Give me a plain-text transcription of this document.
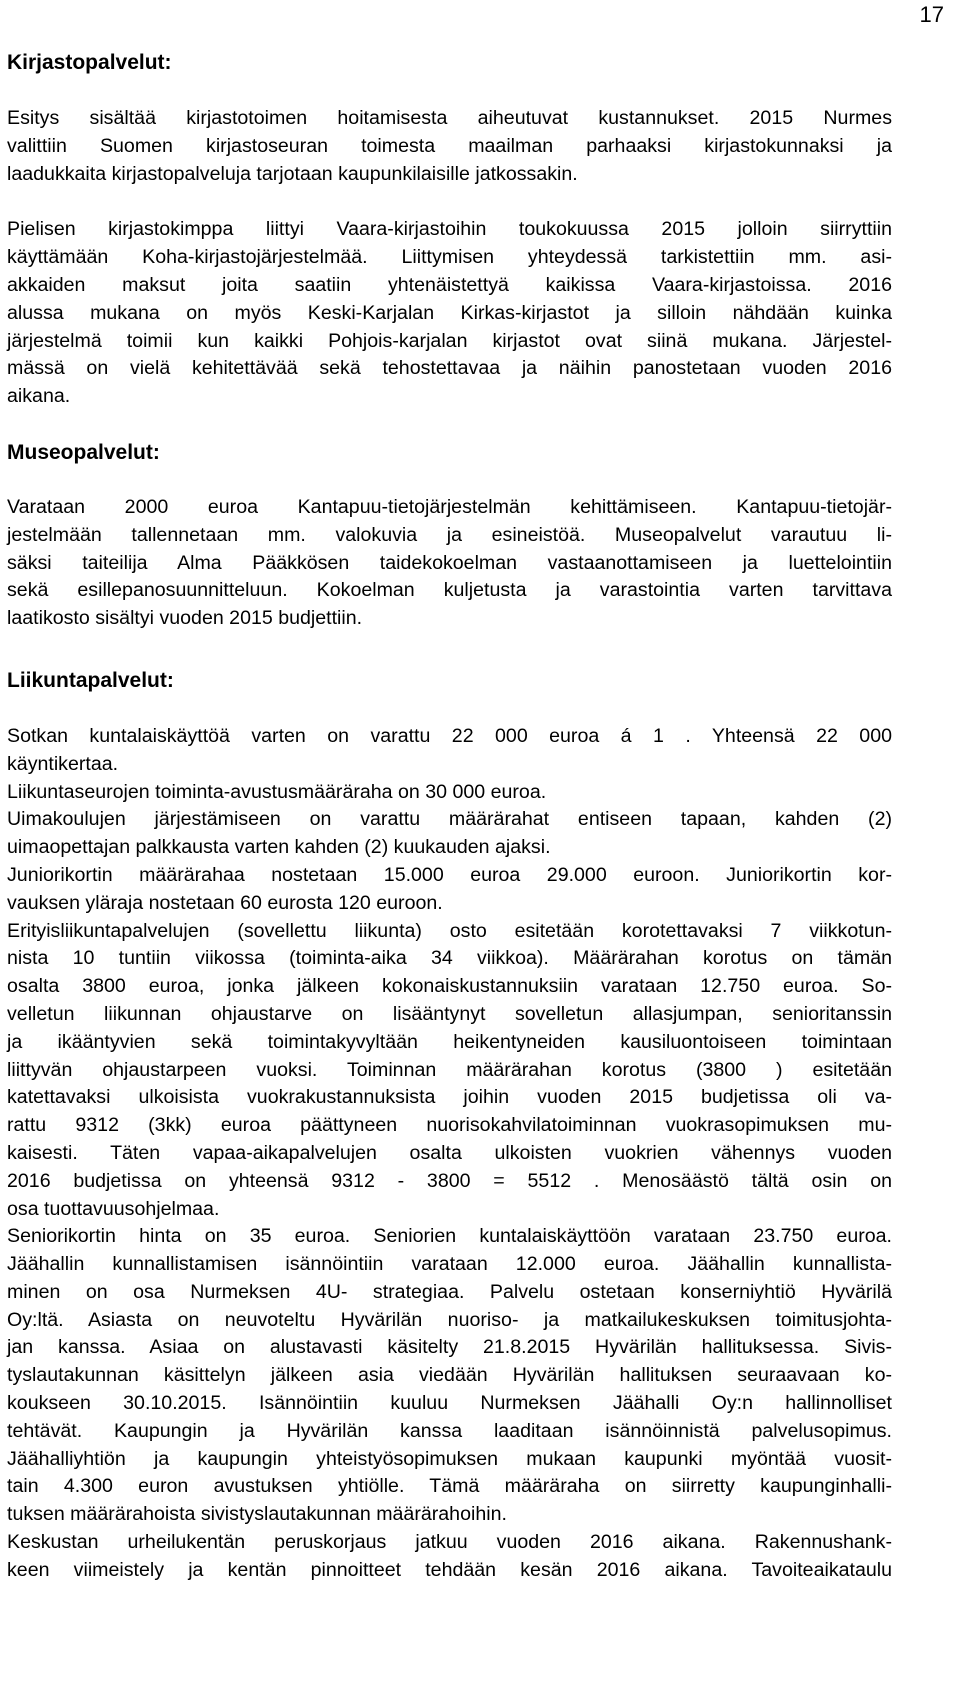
17
Kirjastopalvelut:
Esitys sisältää kirjastotoimen hoitamisesta aiheutuvat kustannukset. 2015 Nurmes
valittiin Suomen kirjastoseuran toimesta maailman parhaaksi kirjastokunnaksi ja
laadukkaita kirjastopalveluja tarjotaan kaupunkilaisille jatkossakin.
Pielisen kirjastokimppa liittyi Vaara-kirjastoihin toukokuussa 2015 jolloin siirryttiin
käyttämään Koha-kirjastojärjestelmää. Liittymisen yhteydessä tarkistettiin mm. asi-
akkaiden maksut joita saatiin yhtenäistettyä kaikissa Vaara-kirjastoissa. 2016
alussa mukana on myös Keski-Karjalan Kirkas-kirjastot ja silloin nähdään kuinka
järjestelmä toimii kun kaikki Pohjois-karjalan kirjastot ovat siinä mukana. Järjestel-
mässä on vielä kehitettävää sekä tehostettavaa ja näihin panostetaan vuoden 2016
aikana.
Museopalvelut:
Varataan 2000 euroa Kantapuu-tietojärjestelmän kehittämiseen. Kantapuu-tietojär-
jestelmään tallennetaan mm. valokuvia ja esineistöä. Museopalvelut varautuu li-
säksi taiteilija Alma Pääkkösen taidekokoelman vastaanottamiseen ja luettelointiin
sekä esillepanosuunnitteluun. Kokoelman kuljetusta ja varastointia varten tarvittava
laatikosto sisältyi vuoden 2015 budjettiin.
Liikuntapalvelut:
Sotkan kuntalaiskäyttöä varten on varattu 22 000 euroa á 1 . Yhteensä 22 000
käyntikertaa.
Liikuntaseurojen toiminta-avustusmääräraha on 30 000 euroa.
Uimakoulujen järjestämiseen on varattu määrärahat entiseen tapaan, kahden (2)
uimaopettajan palkkausta varten kahden (2) kuukauden ajaksi.
Juniorikortin määrärahaa nostetaan 15.000 euroa 29.000 euroon. Juniorikortin kor-
vauksen yläraja nostetaan 60 eurosta 120 euroon.
Erityisliikuntapalvelujen (sovellettu liikunta) osto esitetään korotettavaksi 7 viikkotun-
nista 10 tuntiin viikossa (toiminta-aika 34 viikkoa). Määrärahan korotus on tämän
osalta 3800 euroa, jonka jälkeen kokonaiskustannuksiin varataan 12.750 euroa. So-
velletun liikunnan ohjaustarve on lisääntynyt sovelletun allasjumpan, senioritanssin
ja ikääntyvien sekä toimintakyvyltään heikentyneiden kausiluontoiseen toimintaan
liittyvän ohjaustarpeen vuoksi. Toiminnan määrärahan korotus (3800 ) esitetään
katettavaksi ulkoisista vuokrakustannuksista joihin vuoden 2015 budjetissa oli va-
rattu 9312 (3kk) euroa päättyneen nuorisokahvilatoiminnan vuokrasopimuksen mu-
kaisesti. Täten vapaa-aikapalvelujen osalta ulkoisten vuokrien vähennys vuoden
2016 budjetissa on yhteensä 9312 - 3800 = 5512 . Menosäästö tältä osin on
osa tuottavuusohjelmaa.
Seniorikortin hinta on 35 euroa. Seniorien kuntalaiskäyttöön varataan 23.750 euroa.
Jäähallin kunnallistamisen isännöintiin varataan 12.000 euroa. Jäähallin kunnallista-
minen on osa Nurmeksen 4U- strategiaa. Palvelu ostetaan konserniyhtiö Hyvärilä
Oy:ltä. Asiasta on neuvoteltu Hyvärilän nuoriso- ja matkailukeskuksen toimitusjohta-
jan kanssa. Asiaa on alustavasti käsitelty 21.8.2015 Hyvärilän hallituksessa. Sivis-
tyslautakunnan käsittelyn jälkeen asia viedään Hyvärilän hallituksen seuraavaan ko-
koukseen 30.10.2015. Isännöintiin kuuluu Nurmeksen Jäähalli Oy:n hallinnolliset
tehtävät. Kaupungin ja Hyvärilän kanssa laaditaan isännöinnistä palvelusopimus.
Jäähalliyhtiön ja kaupungin yhteistyösopimuksen mukaan kaupunki myöntää vuosit-
tain 4.300 euron avustuksen yhtiölle. Tämä määräraha on siirretty kaupunginhalli-
tuksen määrärahoista sivistyslautakunnan määrärahoihin.
Keskustan urheilukentän peruskorjaus jatkuu vuoden 2016 aikana. Rakennushank-
keen viimeistely ja kentän pinnoitteet tehdään kesän 2016 aikana. Tavoiteaikataulu
